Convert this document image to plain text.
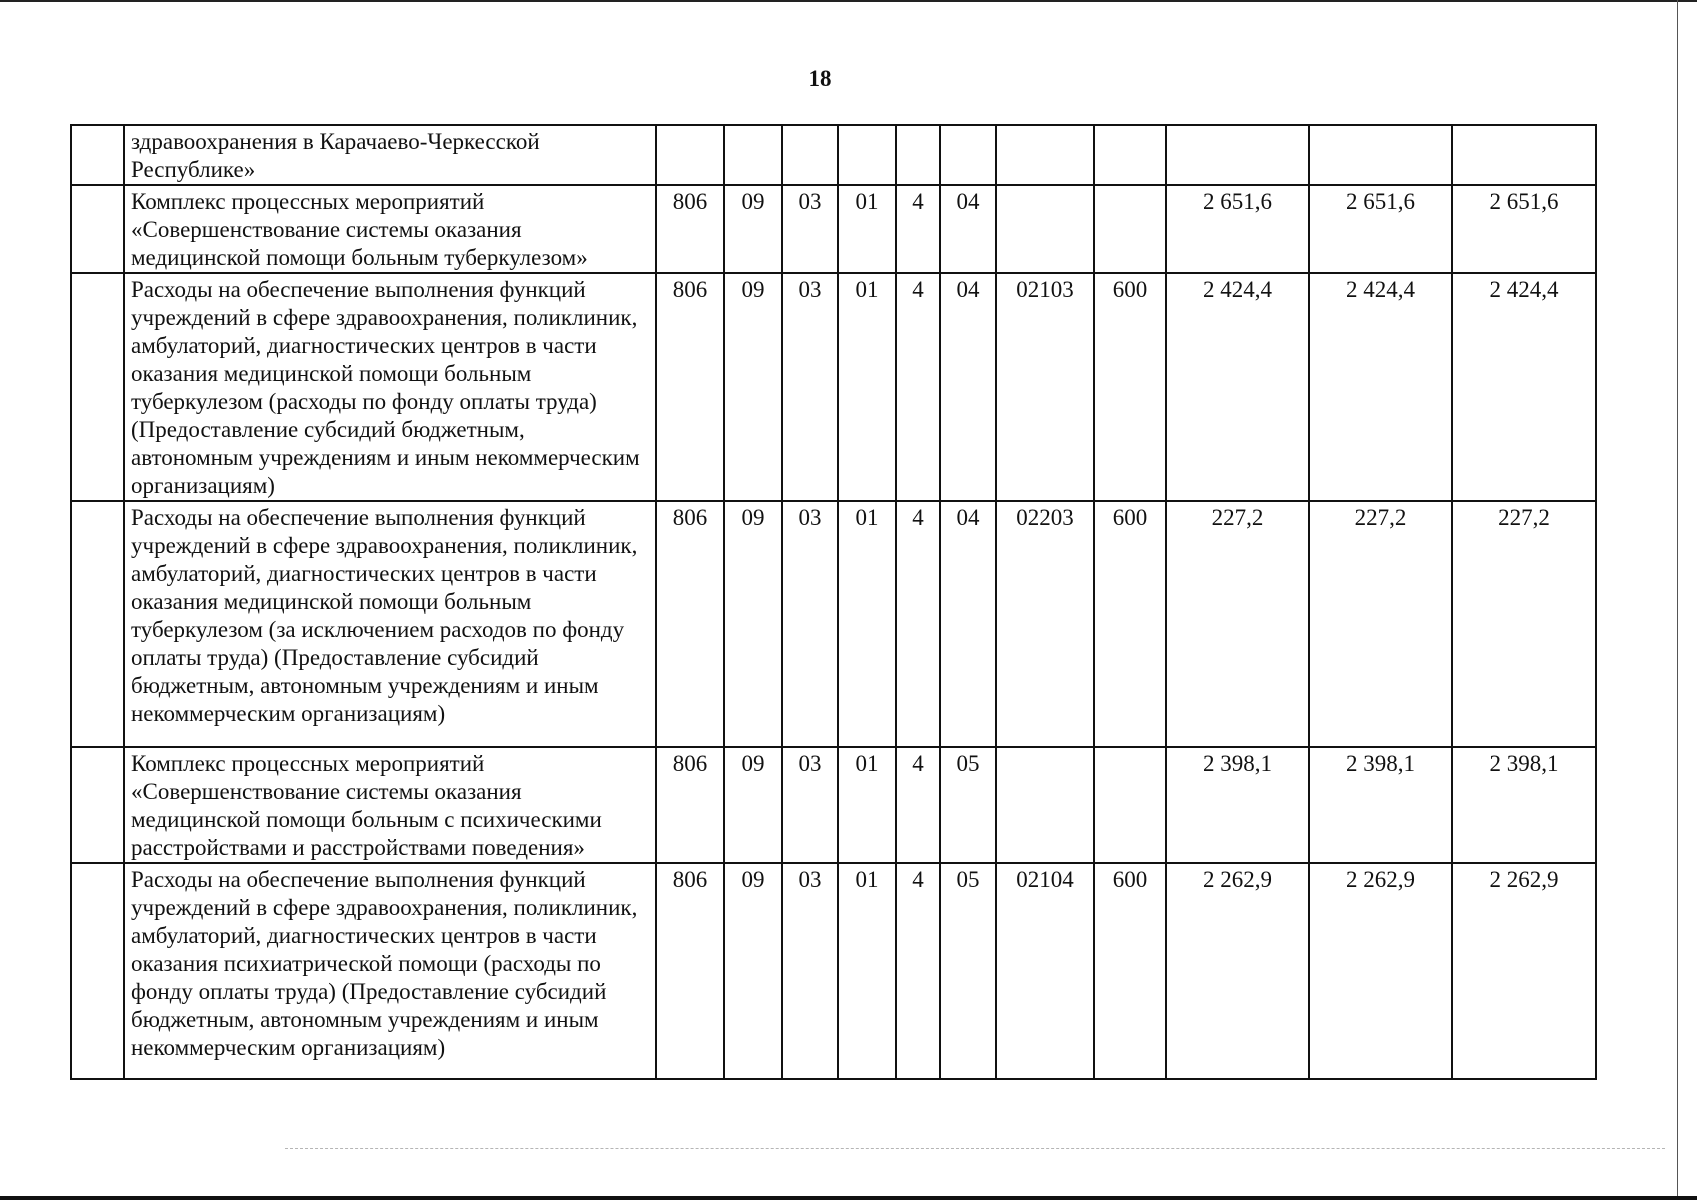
18
	здравоохранения в Карачаево-Черкесской Республике»											
	Комплекс процессных мероприятий «Совершенствование системы оказания медицинской помощи больным туберкулезом»	806	09	03	01	4	04			2 651,6	2 651,6	2 651,6
	Расходы на обеспечение выполнения функций учреждений в сфере здравоохранения, поликлиник, амбулаторий, диагностических центров в части оказания медицинской помощи больным туберкулезом (расходы по фонду оплаты труда) (Предоставление субсидий бюджетным, автономным учреждениям и иным некоммерческим организациям)	806	09	03	01	4	04	02103	600	2 424,4	2 424,4	2 424,4
	Расходы на обеспечение выполнения функций учреждений в сфере здравоохранения, поликлиник, амбулаторий, диагностических центров в части оказания медицинской помощи больным туберкулезом (за исключением расходов по фонду оплаты труда) (Предоставление субсидий бюджетным, автономным учреждениям и иным некоммерческим организациям)	806	09	03	01	4	04	02203	600	227,2	227,2	227,2
	Комплекс процессных мероприятий «Совершенствование системы оказания медицинской помощи больным с психическими расстройствами и расстройствами поведения»	806	09	03	01	4	05			2 398,1	2 398,1	2 398,1
	Расходы на обеспечение выполнения функций учреждений в сфере здравоохранения, поликлиник, амбулаторий, диагностических центров в части оказания психиатрической помощи (расходы по фонду оплаты труда) (Предоставление субсидий бюджетным, автономным учреждениям и иным некоммерческим организациям)	806	09	03	01	4	05	02104	600	2 262,9	2 262,9	2 262,9
